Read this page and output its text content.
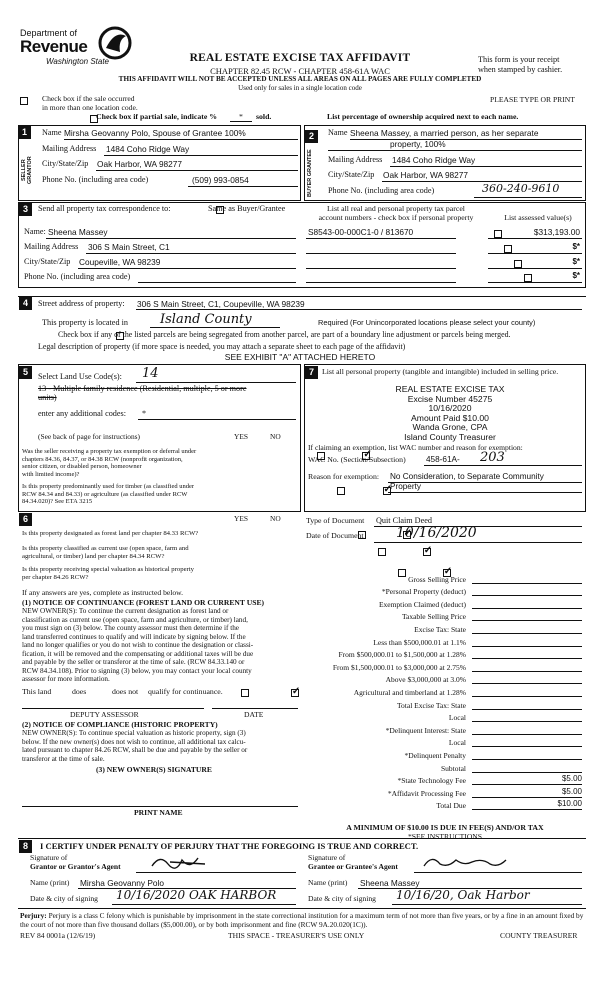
Department of
Revenue
Washington State	REAL ESTATE EXCISE TAX AFFIDAVIT
CHAPTER 82.45 RCW - CHAPTER 458-61A WAC
THIS AFFIDAVIT WILL NOT BE ACCEPTED UNLESS ALL AREAS ON ALL PAGES ARE FULLY COMPLETED
Used only for sales in a single location code
This form is your receipt
when stamped by cashier.

Check box if the sale occurred
in more than one location code.
PLEASE TYPE OR PRINT

Check box if partial sale, indicate %	*	sold.	List percentage of ownership acquired next to each name.
1
SELLER GRANTOR
Name Mirsha Geovanny Polo, Spouse of Grantee 100%
Mailing Address 1484 Coho Ridge Way
City/State/Zip Oak Harbor, WA 98277
Phone No. (including area code)	(509) 993-0854
2
BUYER GRANTEE
Name Sheena Massey, a married person, as her separate
property, 100%
Mailing Address 1484 Coho Ridge Way
City/State/Zip Oak Harbor, WA 98277
Phone No. (including area code)	360-240-9610
3	Send all property tax correspondence to:
	Same as Buyer/Grantee
Name: Sheena Massey
Mailing Address 306 S Main Street, C1
City/State/Zip Coupeville, WA 98239
Phone No. (including area code)
List all real and personal property tax parcel
account numbers - check box if personal property	List assessed value(s)
S8543-00-000C1-0 / 813670
	$313,193.00

$*

$*

$*
4	Street address of property: 306 S Main Street, C1, Coupeville, WA 98239
This property is located in Island County	Required (For Unincorporated locations please select your county)

Check box if any of the listed parcels are being segregated from another parcel, are part of a boundary line adjustment or parcels being merged.
Legal description of property (if more space is needed, you may attach a separate sheet to each page of the affidavit)
SEE EXHIBIT "A" ATTACHED HERETO
5	Select Land Use Code(s): 14
13 - Multiple family residence (Residential, multiple, 5 or more
units)
enter any additional codes: *
(See back of page for instructions)	YES	NO
Was the seller receiving a property tax exemption or deferral under
chapters 84.36, 84.37, or 84.38 RCW (nonprofit organization,
senior citizen, or disabled person, homeowner
with limited income)?
✓
Is this property predominantly used for timber (as classified under
RCW 84.34 and 84.33) or agriculture (as classified under RCW
84.34.020)? See ETA 3215
✓
6	YES	NO
Is this property designated as forest land per chapter 84.33 RCW?
✓
Is this property classified as current use (open space, farm and
agricultural, or timber) land per chapter 84.34 RCW?
✓
Is this property receiving special valuation as historical property
per chapter 84.26 RCW?
✓
If any answers are yes, complete as instructed below.
(1) NOTICE OF CONTINUANCE (FOREST LAND OR CURRENT USE)
NEW OWNER(S): To continue the current designation as forest land or
classification as current use (open space, farm and agriculture, or timber) land,
you must sign on (3) below. The county assessor must then determine if the
land transferred continues to qualify and will indicate by signing below. If the
land no longer qualifies or you do not wish to continue the designation or classi-
fication, it will be removed and the compensating or additional taxes will be due
and payable by the seller or transferor at the time of sale. (RCW 84.33.140 or
RCW 84.34.108). Prior to signing (3) below, you may contact your local county
assessor for more information.
This land
	does
✓	does not qualify for continuance.
DEPUTY ASSESSOR	DATE
(2) NOTICE OF COMPLIANCE (HISTORIC PROPERTY)
NEW OWNER(S): To continue special valuation as historic property, sign (3)
below. If the new owner(s) does not wish to continue, all additional tax calcu-
lated pursuant to chapter 84.26 RCW, shall be due and payable by the seller or
transferor at the time of sale.
(3) NEW OWNER(S) SIGNATURE
PRINT NAME
7	List all personal property (tangible and intangible) included in selling price.
REAL ESTATE EXCISE TAX
Excise Number 45275
10/16/2020
Amount Paid $10.00
Wanda Grone, CPA
Island County Treasurer
If claiming an exemption, list WAC number and reason for exemption:
WAC No. (Section/Subsection) 458-61A- 203
Reason for exemption: No Consideration, to Separate Community
Property
Type of Document Quit Claim Deed
Date of Document 10/16/2020
Gross Selling Price
*Personal Property (deduct)
Exemption Claimed (deduct)
Taxable Selling Price
Excise Tax: State
Less than $500,000.01 at 1.1%
From $500,000.01 to $1,500,000 at 1.28%
From $1,500,000.01 to $3,000,000 at 2.75%
Above $3,000,000 at 3.0%
Agricultural and timberland at 1.28%
Total Excise Tax: State
Local
*Delinquent Interest: State
Local
*Delinquent Penalty
Subtotal
*State Technology Fee	$5.00
*Affidavit Processing Fee	$5.00
Total Due	$10.00
A MINIMUM OF $10.00 IS DUE IN FEE(S) AND/OR TAX
*SEE INSTRUCTIONS
8	I CERTIFY UNDER PENALTY OF PERJURY THAT THE FOREGOING IS TRUE AND CORRECT.
Signature of
Grantor or Grantor's Agent
Name (print) Mirsha Geovanny Polo
Date & city of signing 10/16/2020 OAK HARBOR
Signature of
Grantee or Grantee's Agent
Name (print) Sheena Massey
Date & city of signing 10/16/20, Oak Harbor
Perjury: Perjury is a class C felony which is punishable by imprisonment in the state correctional institution for a maximum term of not more than five years, or by a fine in an amount fixed by the court of not more than five thousand dollars ($5,000.00), or by both imprisonment and fine (RCW 9A.20.020(1C)).
REV 84 0001a (12/6/19)	THIS SPACE - TREASURER'S USE ONLY	COUNTY TREASURER
